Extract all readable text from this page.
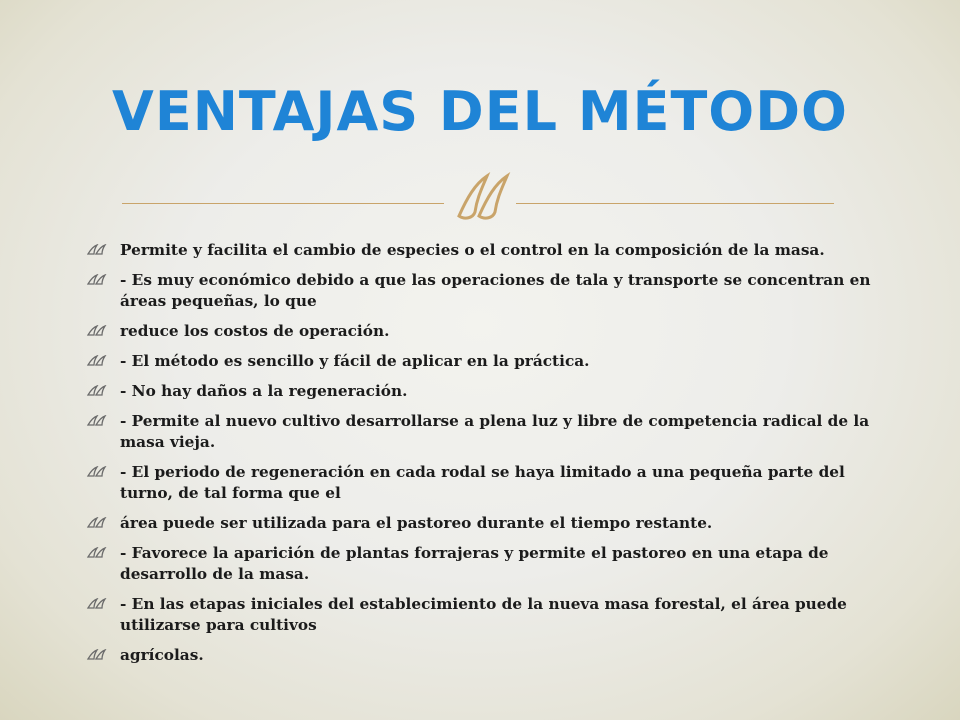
VENTAJAS DEL MÉTODO
Permite y facilita el cambio de especies o el control en la composición de la masa.
- Es muy económico debido a que las operaciones de tala y transporte se concentran en áreas pequeñas, lo que
reduce los costos de operación.
- El método es sencillo y fácil de aplicar en la práctica.
- No hay daños a la regeneración.
- Permite al nuevo cultivo desarrollarse a plena luz y libre de competencia radical de la masa vieja.
- El periodo de regeneración en cada rodal se haya limitado a una pequeña parte del turno, de tal forma que el
área puede ser utilizada para el pastoreo durante el tiempo restante.
- Favorece la aparición de plantas forrajeras y permite el pastoreo en una etapa de desarrollo de la masa.
- En las etapas iniciales del establecimiento de la nueva masa forestal, el área puede utilizarse para cultivos
agrícolas.
